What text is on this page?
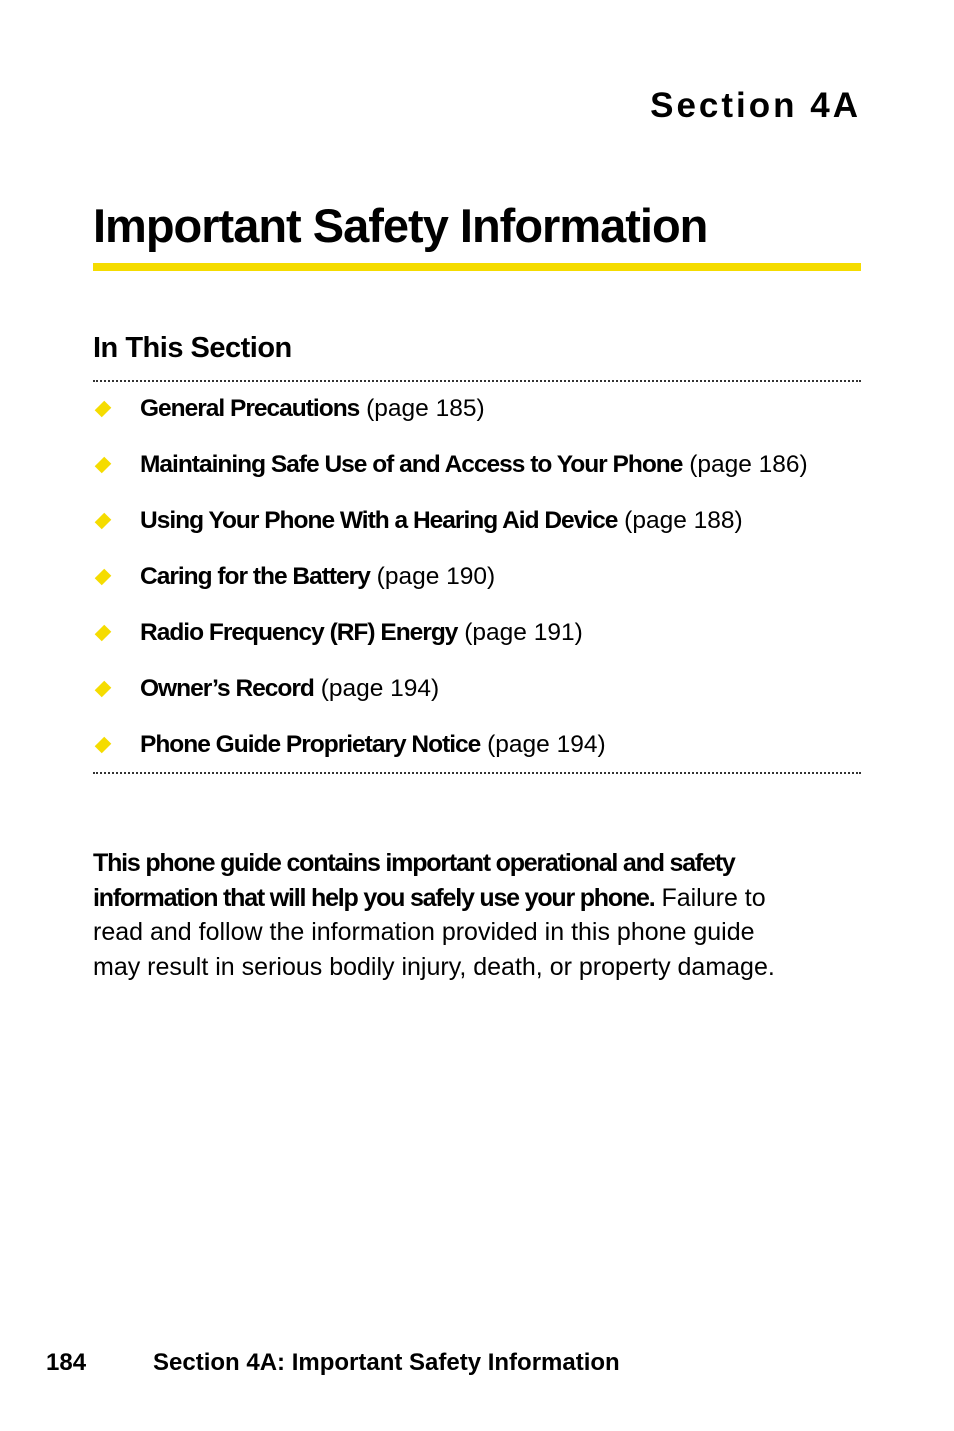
Section 4A
Important Safety Information
In This Section
General Precautions (page 185)
Maintaining Safe Use of and Access to Your Phone (page 186)
Using Your Phone With a Hearing Aid Device (page 188)
Caring for the Battery (page 190)
Radio Frequency (RF) Energy (page 191)
Owner’s Record (page 194)
Phone Guide Proprietary Notice (page 194)

This phone guide contains important operational and safety information that will help you safely use your phone. Failure to read and follow the information provided in this phone guide may result in serious bodily injury, death, or property damage.

184	Section 4A: Important Safety Information
